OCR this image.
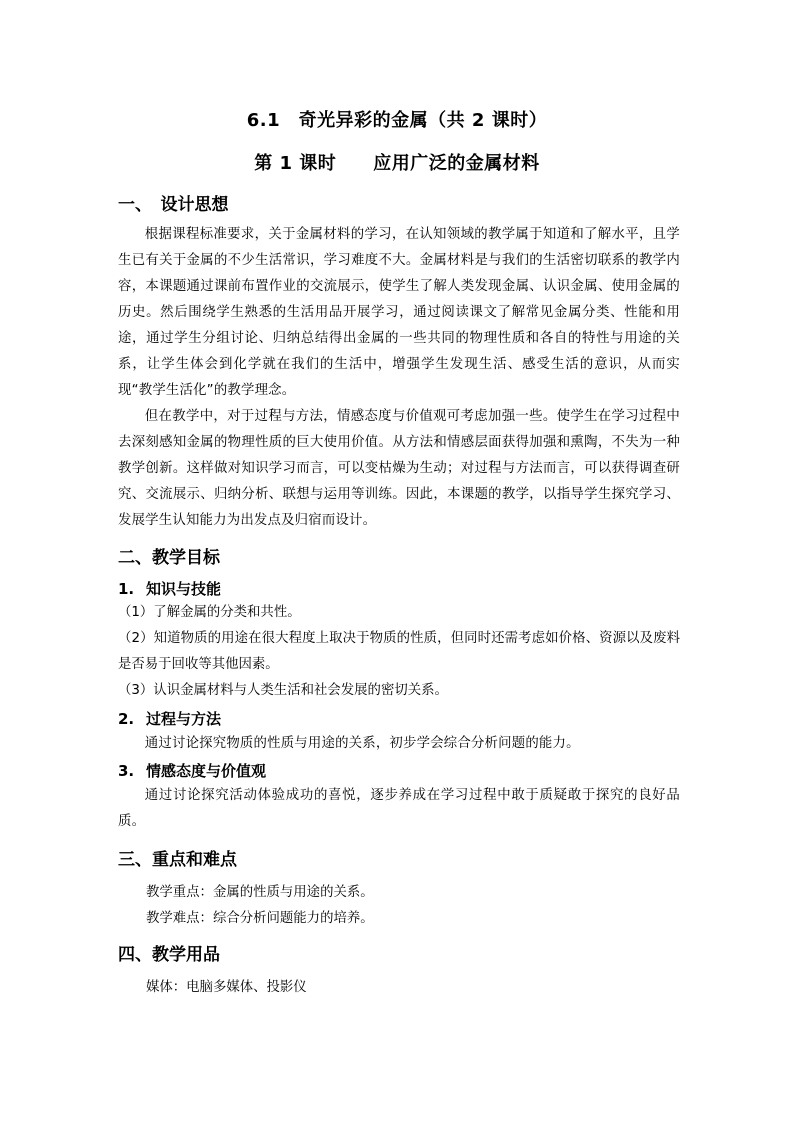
6.1　奇光异彩的金属（共 2 课时）
第 1 课时　　应用广泛的金属材料
一、　设计思想
根据课程标准要求，关于金属材料的学习，在认知领域的教学属于知道和了解水平，且学生已有关于金属的不少生活常识，学习难度不大。金属材料是与我们的生活密切联系的教学内容，本课题通过课前布置作业的交流展示，使学生了解人类发现金属、认识金属、使用金属的历史。然后围绕学生熟悉的生活用品开展学习，通过阅读课文了解常见金属分类、性能和用途，通过学生分组讨论、归纳总结得出金属的一些共同的物理性质和各自的特性与用途的关系，让学生体会到化学就在我们的生活中，增强学生发现生活、感受生活的意识，从而实现“教学生活化”的教学理念。
但在教学中，对于过程与方法，情感态度与价值观可考虑加强一些。使学生在学习过程中去深刻感知金属的物理性质的巨大使用价值。从方法和情感层面获得加强和熏陶，不失为一种教学创新。这样做对知识学习而言，可以变枯燥为生动；对过程与方法而言，可以获得调查研究、交流展示、归纳分析、联想与运用等训练。因此，本课题的教学，以指导学生探究学习、发展学生认知能力为出发点及归宿而设计。
二、教学目标
1. 知识与技能
（1）了解金属的分类和共性。
（2）知道物质的用途在很大程度上取决于物质的性质，但同时还需考虑如价格、资源以及废料是否易于回收等其他因素。
（3）认识金属材料与人类生活和社会发展的密切关系。
2. 过程与方法
通过讨论探究物质的性质与用途的关系，初步学会综合分析问题的能力。
3. 情感态度与价值观
通过讨论探究活动体验成功的喜悦，逐步养成在学习过程中敢于质疑敢于探究的良好品质。
三、重点和难点
教学重点：金属的性质与用途的关系。
教学难点：综合分析问题能力的培养。
四、教学用品
媒体：电脑多媒体、投影仪
